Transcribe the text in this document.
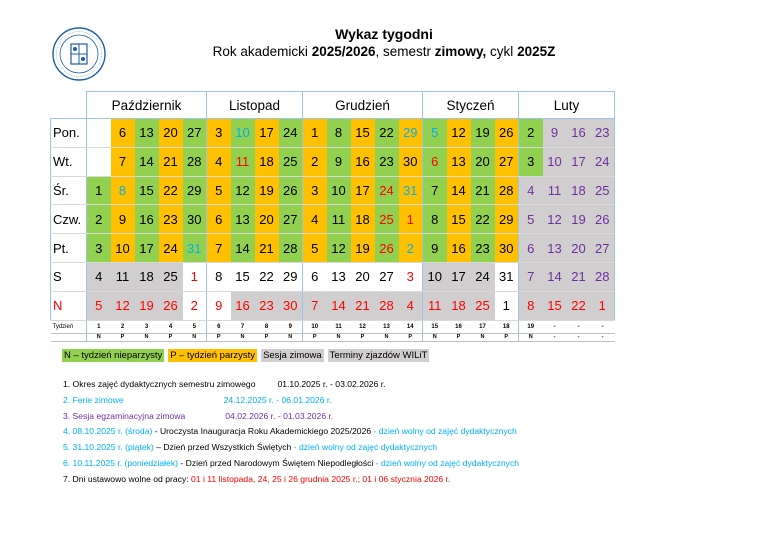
Wykaz tygodni
Rok akademicki 2025/2026, semestr zimowy, cykl 2025Z
	Październik					Listopad				Grudzień					Styczeń				Luty			
Pon.		6	13	20	27	3	10	17	24	1	8	15	22	29	5	12	19	26	2	9	16	23
Wt.		7	14	21	28	4	11	18	25	2	9	16	23	30	6	13	20	27	3	10	17	24
Śr.	1	8	15	22	29	5	12	19	26	3	10	17	24	31	7	14	21	28	4	11	18	25
Czw.	2	9	16	23	30	6	13	20	27	4	11	18	25	1	8	15	22	29	5	12	19	26
Pt.	3	10	17	24	31	7	14	21	28	5	12	19	26	2	9	16	23	30	6	13	20	27
S	4	11	18	25	1	8	15	22	29	6	13	20	27	3	10	17	24	31	7	14	21	28
N	5	12	19	26	2	9	16	23	30	7	14	21	28	4	11	18	25	1	8	15	22	1
Tydzień	1	2	3	4	5	6	7	8	9	10	11	12	13	14	15	16	17	18	19	-	-	-
	N	P	N	P	N	P	N	P	N	P	N	P	N	P	N	P	N	P	N	-	-	-
N – tydzień nieparzysty P – tydzień parzysty Sesja zimowa Terminy zjazdów WILiT
1. Okres zajęć dydaktycznych semestru zimowego	01.10.2025 r. - 03.02.2026 r.
2. Ferie zimowe	24.12.2025 r. - 06.01.2026 r.
3. Sesja egzaminacyjna zimowa	04.02.2026 r. - 01.03.2026 r.
4. 08.10.2025 r. (środa) - Uroczysta Inauguracja Roku Akademickiego 2025/2026 - dzień wolny od zajęć dydaktycznych
5. 31.10.2025 r. (piątek) – Dzień przed Wszystkich Świętych - dzień wolny od zajęć dydaktycznych
6. 10.11.2025 r. (poniedziałek) - Dzień przed Narodowym Świętem Niepodległości - dzień wolny od zajęć dydaktycznych
7. Dni ustawowo wolne od pracy: 01 i 11 listopada, 24, 25 i 26 grudnia 2025 r.; 01 i 06 stycznia 2026 r.
